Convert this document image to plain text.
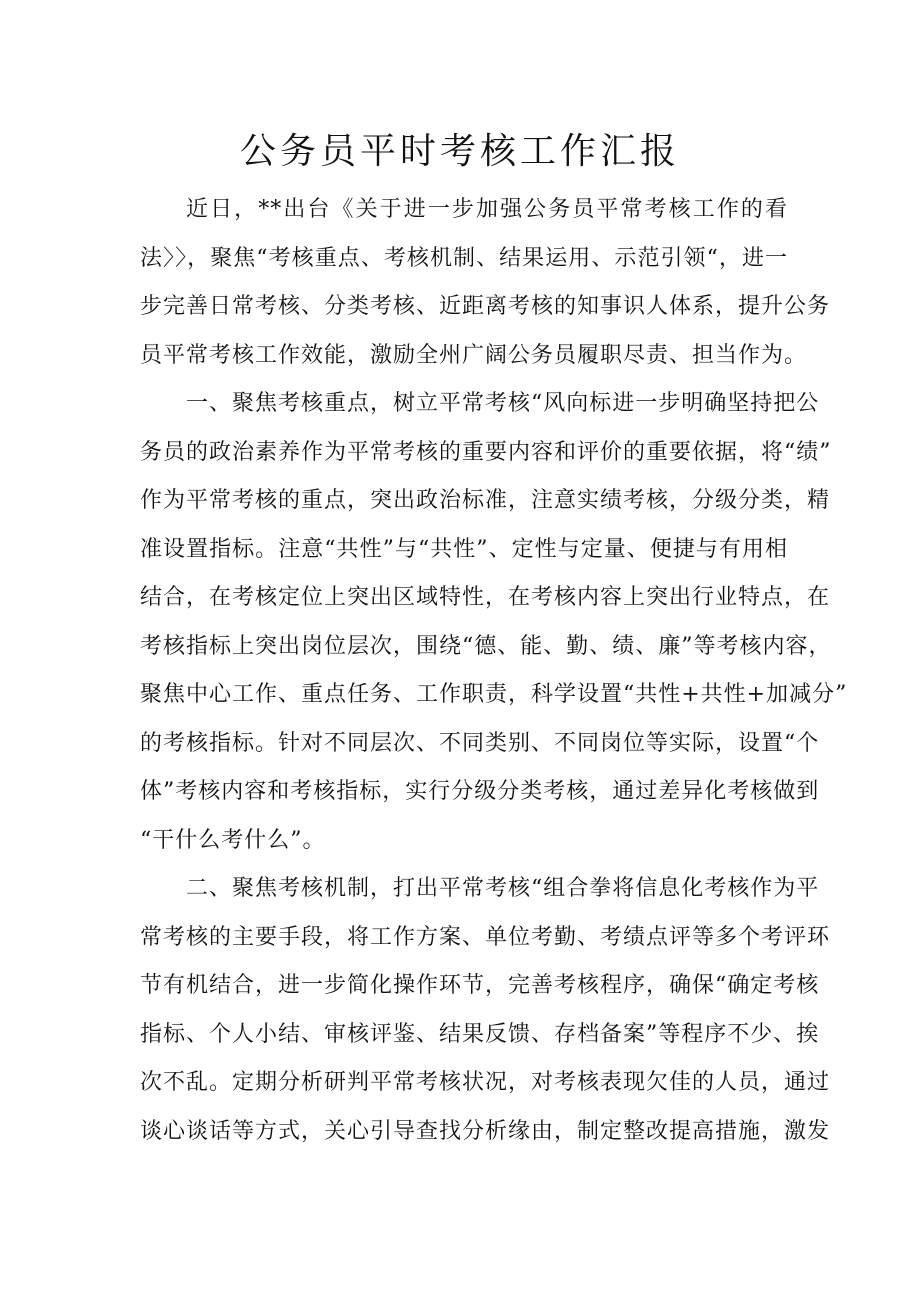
公务员平时考核工作汇报
近日，**出台《关于进一步加强公务员平常考核工作的看
法〉〉，聚焦“考核重点、考核机制、结果运用、示范引领“，进一
步完善日常考核、分类考核、近距离考核的知事识人体系，提升公务
员平常考核工作效能，激励全州广阔公务员履职尽责、担当作为。
一、聚焦考核重点，树立平常考核“风向标进一步明确坚持把公
务员的政治素养作为平常考核的重要内容和评价的重要依据，将“绩”
作为平常考核的重点，突出政治标准，注意实绩考核，分级分类，精
准设置指标。注意“共性”与“共性”、定性与定量、便捷与有用相
结合，在考核定位上突出区域特性，在考核内容上突出行业特点，在
考核指标上突出岗位层次，围绕“德、能、勤、绩、廉”等考核内容，
聚焦中心工作、重点任务、工作职责，科学设置“共性+共性+加减分”
的考核指标。针对不同层次、不同类别、不同岗位等实际，设置“个
体”考核内容和考核指标，实行分级分类考核，通过差异化考核做到
“干什么考什么”。
二、聚焦考核机制，打出平常考核“组合拳将信息化考核作为平
常考核的主要手段，将工作方案、单位考勤、考绩点评等多个考评环
节有机结合，进一步简化操作环节，完善考核程序，确保“确定考核
指标、个人小结、审核评鉴、结果反馈、存档备案”等程序不少、挨
次不乱。定期分析研判平常考核状况，对考核表现欠佳的人员，通过
谈心谈话等方式，关心引导查找分析缘由，制定整改提高措施，激发
